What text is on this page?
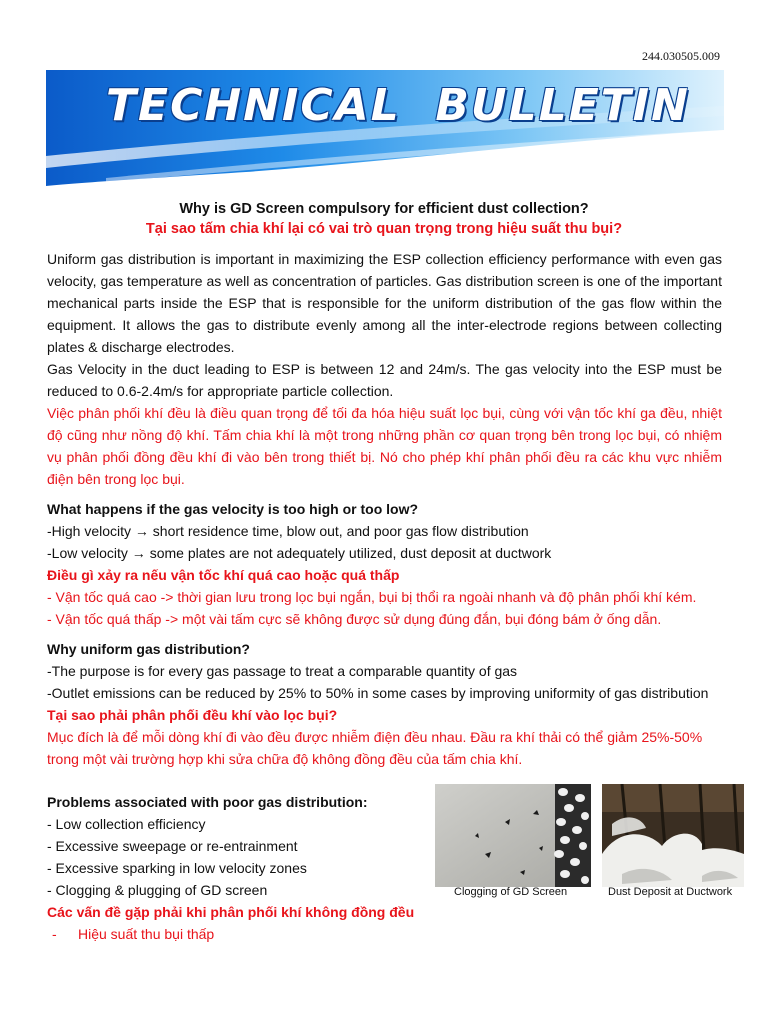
244.030505.009
TECHNICAL  BULLETIN
Why is GD Screen compulsory for efficient dust collection?
Tại sao tấm chia khí lại có vai trò quan trọng trong hiệu suất thu bụi?

Uniform gas distribution is important in maximizing the ESP collection efficiency performance with even gas velocity, gas temperature as well as concentration of particles. Gas distribution screen is one of the important mechanical parts inside the ESP that is responsible for the uniform distribution of the gas flow within the equipment. It allows the gas to distribute evenly among all the inter-electrode regions between collecting plates & discharge electrodes.

Gas Velocity in the duct leading to ESP is between 12 and 24m/s. The gas velocity into the ESP must be reduced to 0.6-2.4m/s for appropriate particle collection.

Việc phân phối khí đều là điều quan trọng để tối đa hóa hiệu suất lọc bụi, cùng với vận tốc khí ga đều, nhiệt độ cũng như nồng độ khí. Tấm chia khí là một trong những phần cơ quan trọng bên trong lọc bụi, có nhiệm vụ phân phối đồng đều khí đi vào bên trong thiết bị. Nó cho phép khí phân phối đều ra các khu vực nhiễm điện bên trong lọc bụi.

What happens if the gas velocity is too high or too low?
-High velocity → short residence time, blow out, and poor gas flow distribution
-Low velocity → some plates are not adequately utilized, dust deposit at ductwork
Điều gì xảy ra nếu vận tốc khí quá cao hoặc quá thấp
- Vận tốc quá cao -> thời gian lưu trong lọc bụi ngắn, bụi bị thổi ra ngoài nhanh và độ phân phối khí kém.
- Vận tốc quá thấp -> một vài tấm cực sẽ không được sử dụng đúng đắn, bụi đóng bám ở ống dẫn.
Why uniform gas distribution?
-The purpose is for every gas passage to treat a comparable quantity of gas
-Outlet emissions can be reduced by 25% to 50% in some cases by improving uniformity of gas distribution
Tại sao phải phân phối đều khí vào lọc bụi?

Mục đích là để mỗi dòng khí đi vào đều được nhiễm điện đều nhau. Đầu ra khí thải có thể giảm 25%-50% trong một vài trường hợp khi sửa chữa độ không đồng đều của tấm chia khí.

Problems associated with poor gas distribution:
- Low collection efficiency
- Excessive sweepage or re-entrainment
- Excessive sparking in low velocity zones
- Clogging & plugging of GD screen
Các vấn đề gặp phải khi phân phối khí không đồng đều
- Hiệu suất thu bụi thấp
Clogging of GD Screen	Dust Deposit at Ductwork
